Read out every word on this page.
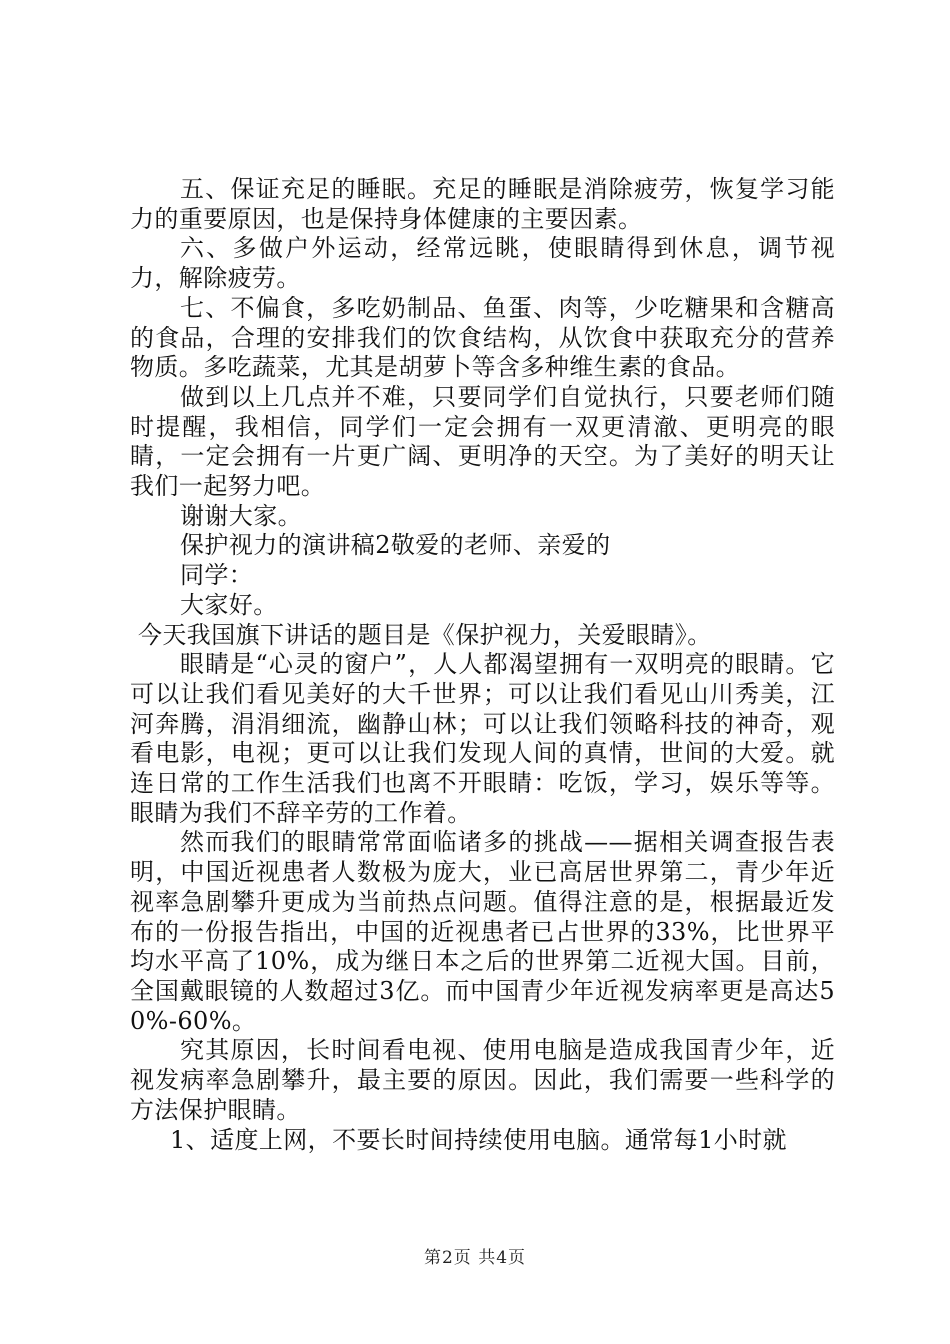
五、保证充足的睡眠。充足的睡眠是消除疲劳，恢复学习能力的重要原因，也是保持身体健康的主要因素。

六、多做户外运动，经常远眺，使眼睛得到休息，调节视力，解除疲劳。

七、不偏食，多吃奶制品、鱼蛋、肉等，少吃糖果和含糖高的食品，合理的安排我们的饮食结构，从饮食中获取充分的营养物质。多吃蔬菜，尤其是胡萝卜等含多种维生素的食品。

做到以上几点并不难，只要同学们自觉执行，只要老师们随时提醒，我相信，同学们一定会拥有一双更清澈、更明亮的眼睛，一定会拥有一片更广阔、更明净的天空。为了美好的明天让我们一起努力吧。

谢谢大家。

保护视力的演讲稿2敬爱的老师、亲爱的

同学：

大家好。

今天我国旗下讲话的题目是《保护视力，关爱眼睛》。

眼睛是“心灵的窗户”，人人都渴望拥有一双明亮的眼睛。它可以让我们看见美好的大千世界；可以让我们看见山川秀美，江河奔腾，涓涓细流，幽静山林；可以让我们领略科技的神奇，观看电影，电视；更可以让我们发现人间的真情，世间的大爱。就连日常的工作生活我们也离不开眼睛：吃饭，学习，娱乐等等。眼睛为我们不辞辛劳的工作着。

然而我们的眼睛常常面临诸多的挑战——据相关调查报告表明，中国近视患者人数极为庞大，业已高居世界第二，青少年近视率急剧攀升更成为当前热点问题。值得注意的是，根据最近发布的一份报告指出，中国的近视患者已占世界的33%，比世界平均水平高了10%，成为继日本之后的世界第二近视大国。目前，全国戴眼镜的人数超过3亿。而中国青少年近视发病率更是高达50%-60%。

究其原因，长时间看电视、使用电脑是造成我国青少年，近视发病率急剧攀升，最主要的原因。因此，我们需要一些科学的方法保护眼睛。

1、适度上网，不要长时间持续使用电脑。通常每1小时就

第2页 共4页
